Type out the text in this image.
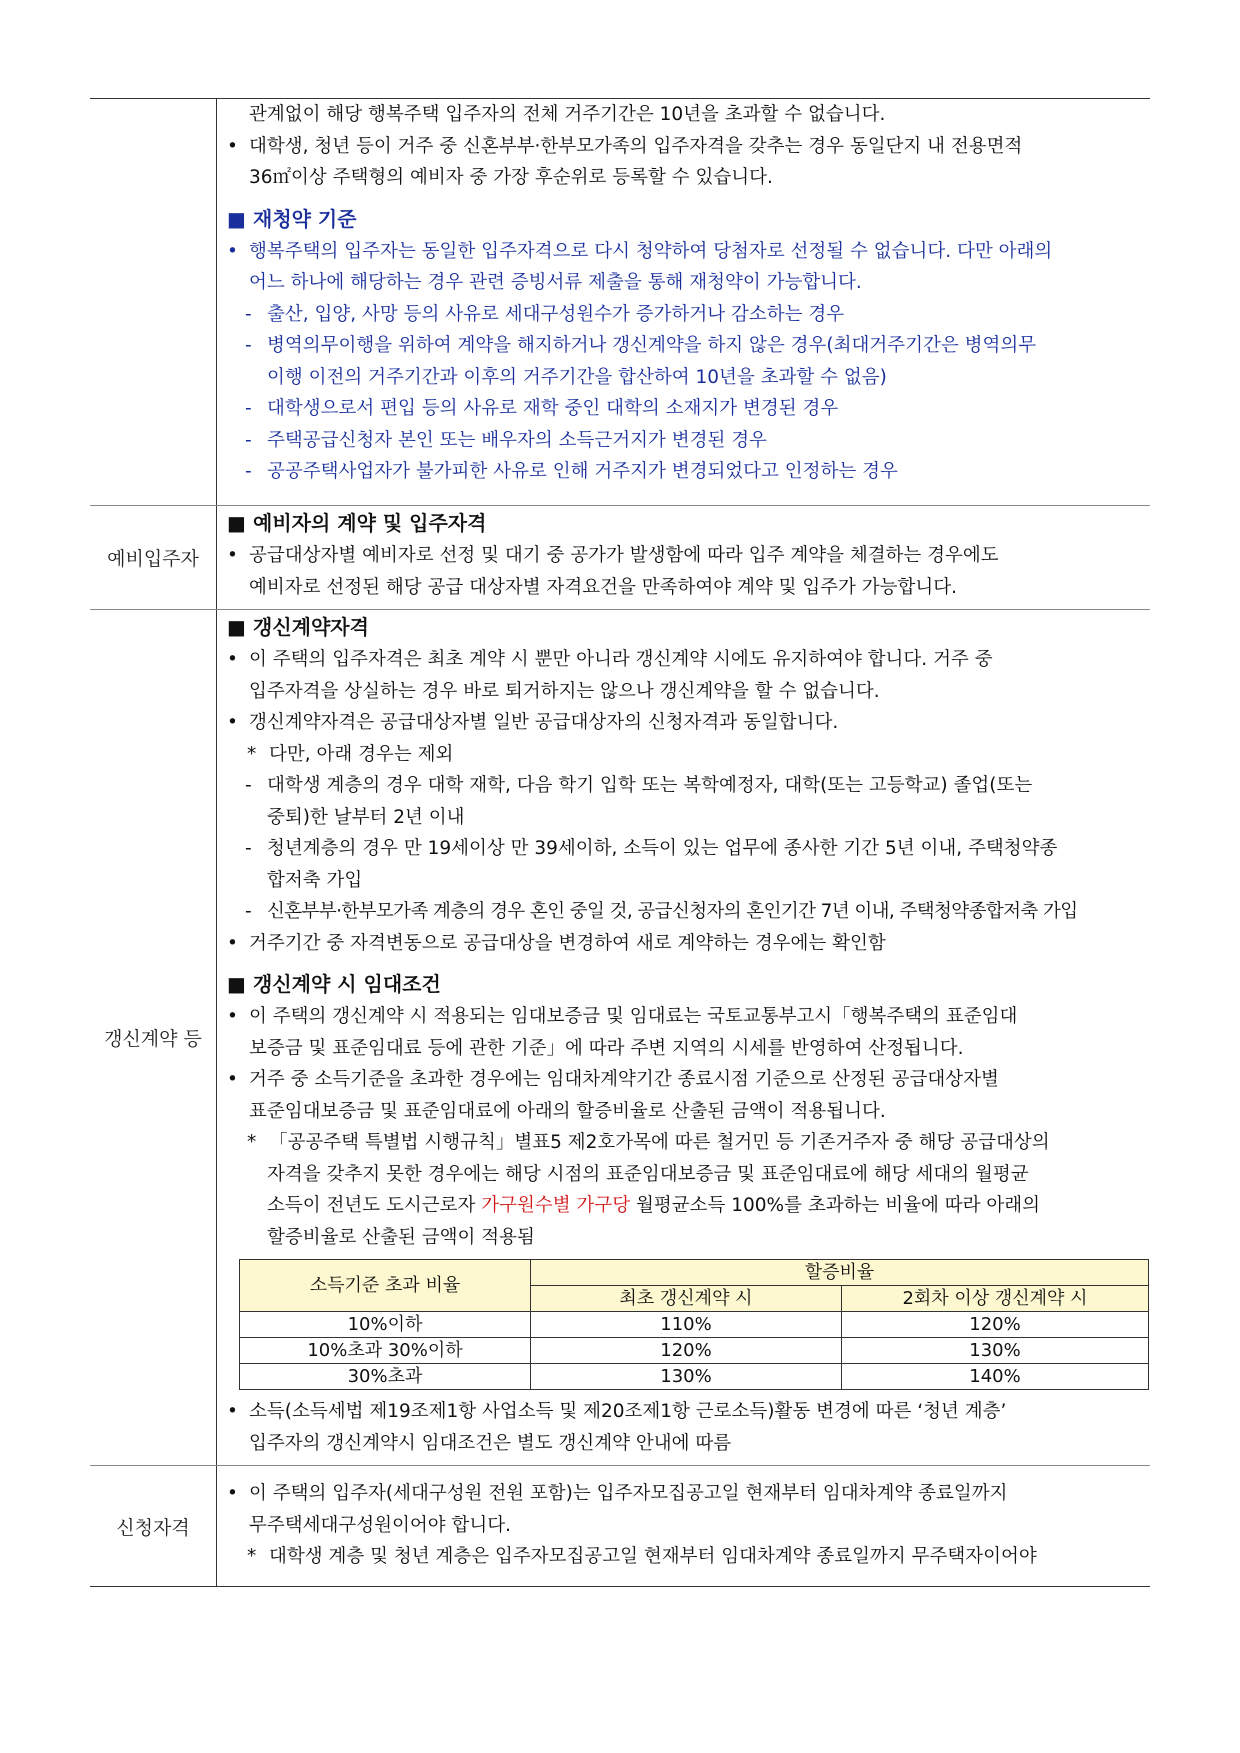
관계없이 해당 행복주택 입주자의 전체 거주기간은 10년을 초과할 수 없습니다.
• 대학생, 청년 등이 거주 중 신혼부부·한부모가족의 입주자격을 갖추는 경우 동일단지 내 전용면적
36㎡이상 주택형의 예비자 중 가장 후순위로 등록할 수 있습니다.
■ 재청약 기준
• 행복주택의 입주자는 동일한 입주자격으로 다시 청약하여 당첨자로 선정될 수 없습니다. 다만 아래의
어느 하나에 해당하는 경우 관련 증빙서류 제출을 통해 재청약이 가능합니다.
- 출산, 입양, 사망 등의 사유로 세대구성원수가 증가하거나 감소하는 경우
- 병역의무이행을 위하여 계약을 해지하거나 갱신계약을 하지 않은 경우(최대거주기간은 병역의무
이행 이전의 거주기간과 이후의 거주기간을 합산하여 10년을 초과할 수 없음)
- 대학생으로서 편입 등의 사유로 재학 중인 대학의 소재지가 변경된 경우
- 주택공급신청자 본인 또는 배우자의 소득근거지가 변경된 경우
- 공공주택사업자가 불가피한 사유로 인해 거주지가 변경되었다고 인정하는 경우
예비입주자
■ 예비자의 계약 및 입주자격
• 공급대상자별 예비자로 선정 및 대기 중 공가가 발생함에 따라 입주 계약을 체결하는 경우에도
예비자로 선정된 해당 공급 대상자별 자격요건을 만족하여야 계약 및 입주가 가능합니다.
갱신계약 등
■ 갱신계약자격
• 이 주택의 입주자격은 최초 계약 시 뿐만 아니라 갱신계약 시에도 유지하여야 합니다. 거주 중
입주자격을 상실하는 경우 바로 퇴거하지는 않으나 갱신계약을 할 수 없습니다.
• 갱신계약자격은 공급대상자별 일반 공급대상자의 신청자격과 동일합니다.
* 다만, 아래 경우는 제외
- 대학생 계층의 경우 대학 재학, 다음 학기 입학 또는 복학예정자, 대학(또는 고등학교) 졸업(또는
중퇴)한 날부터 2년 이내
- 청년계층의 경우 만 19세이상 만 39세이하, 소득이 있는 업무에 종사한 기간 5년 이내, 주택청약종
합저축 가입
- 신혼부부·한부모가족 계층의 경우 혼인 중일 것, 공급신청자의 혼인기간 7년 이내, 주택청약종합저축 가입
• 거주기간 중 자격변동으로 공급대상을 변경하여 새로 계약하는 경우에는 확인함
■ 갱신계약 시 임대조건
• 이 주택의 갱신계약 시 적용되는 임대보증금 및 임대료는 국토교통부고시「행복주택의 표준임대
보증금 및 표준임대료 등에 관한 기준」에 따라 주변 지역의 시세를 반영하여 산정됩니다.
• 거주 중 소득기준을 초과한 경우에는 임대차계약기간 종료시점 기준으로 산정된 공급대상자별
표준임대보증금 및 표준임대료에 아래의 할증비율로 산출된 금액이 적용됩니다.
* 「공공주택 특별법 시행규칙」별표5 제2호가목에 따른 철거민 등 기존거주자 중 해당 공급대상의
자격을 갖추지 못한 경우에는 해당 시점의 표준임대보증금 및 표준임대료에 해당 세대의 월평균
소득이 전년도 도시근로자 가구원수별 가구당 월평균소득 100%를 초과하는 비율에 따라 아래의
할증비율로 산출된 금액이 적용됨
소득기준 초과 비율	할증비율	
	최초 갱신계약 시	2회차 이상 갱신계약 시
10%이하	110%	120%
10%초과 30%이하	120%	130%
30%초과	130%	140%
• 소득(소득세법 제19조제1항 사업소득 및 제20조제1항 근로소득)활동 변경에 따른 ‘청년 계층’
입주자의 갱신계약시 임대조건은 별도 갱신계약 안내에 따름
신청자격
• 이 주택의 입주자(세대구성원 전원 포함)는 입주자모집공고일 현재부터 임대차계약 종료일까지
무주택세대구성원이어야 합니다.
* 대학생 계층 및 청년 계층은 입주자모집공고일 현재부터 임대차계약 종료일까지 무주택자이어야
